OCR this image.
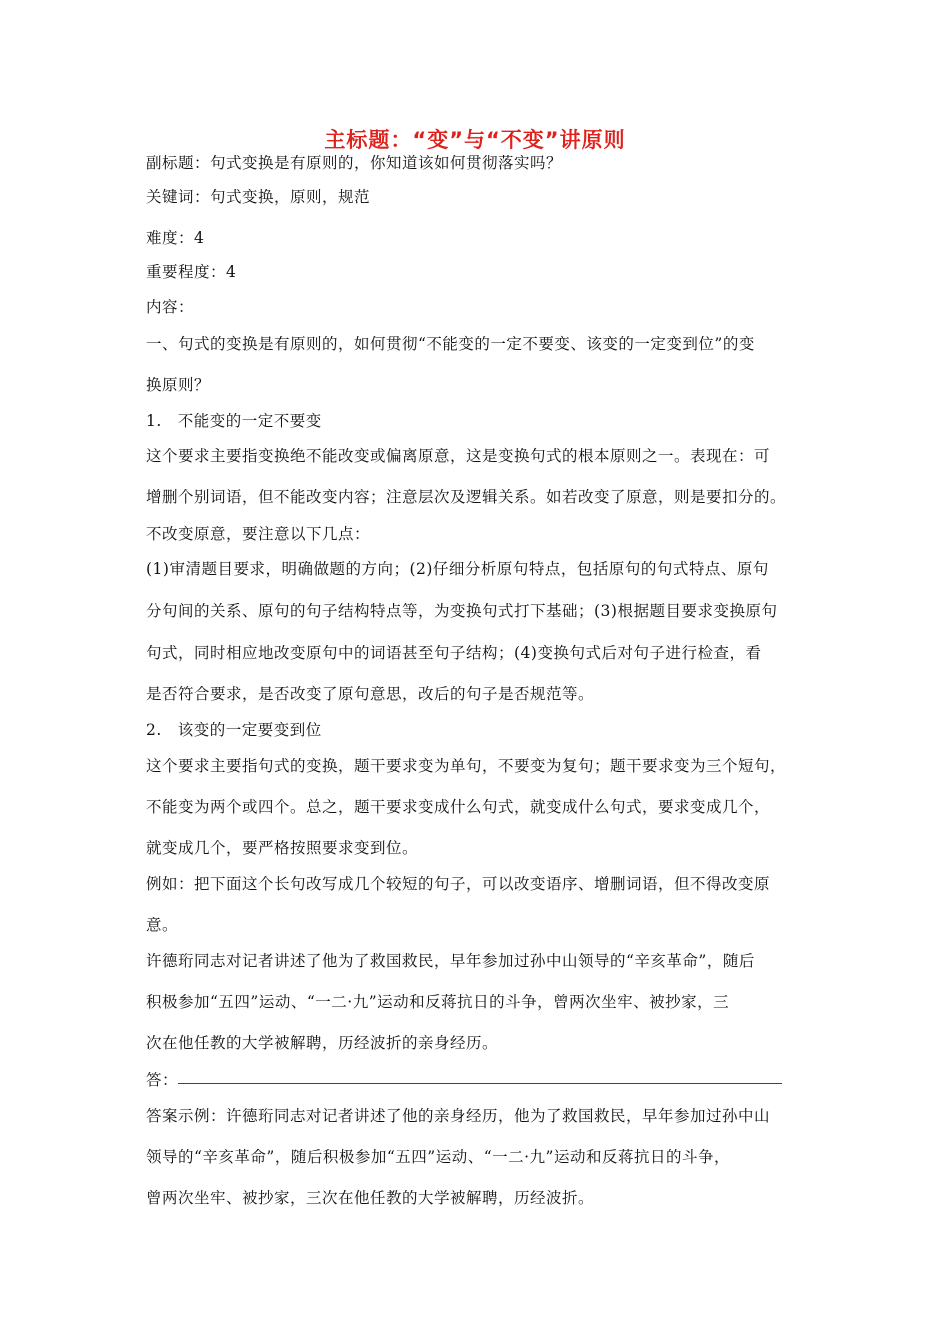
主标题：“变”与“不变”讲原则
副标题：句式变换是有原则的，你知道该如何贯彻落实吗？
关键词：句式变换，原则，规范
难度：4
重要程度：4
内容：
一、句式的变换是有原则的，如何贯彻“不能变的一定不要变、该变的一定变到位”的变
换原则？
1.　不能变的一定不要变
这个要求主要指变换绝不能改变或偏离原意，这是变换句式的根本原则之一。表现在：可
增删个别词语，但不能改变内容；注意层次及逻辑关系。如若改变了原意，则是要扣分的。
不改变原意，要注意以下几点：
(1)审清题目要求，明确做题的方向；(2)仔细分析原句特点，包括原句的句式特点、原句
分句间的关系、原句的句子结构特点等，为变换句式打下基础；(3)根据题目要求变换原句
句式，同时相应地改变原句中的词语甚至句子结构；(4)变换句式后对句子进行检查，看
是否符合要求，是否改变了原句意思，改后的句子是否规范等。
2.　该变的一定要变到位
这个要求主要指句式的变换，题干要求变为单句，不要变为复句；题干要求变为三个短句，
不能变为两个或四个。总之，题干要求变成什么句式，就变成什么句式，要求变成几个，
就变成几个，要严格按照要求变到位。
例如：把下面这个长句改写成几个较短的句子，可以改变语序、增删词语，但不得改变原
意。
许德珩同志对记者讲述了他为了救国救民，早年参加过孙中山领导的“辛亥革命”，随后
积极参加“五四”运动、“一二·九”运动和反蒋抗日的斗争，曾两次坐牢、被抄家，三
次在他任教的大学被解聘，历经波折的亲身经历。
答：
答案示例：许德珩同志对记者讲述了他的亲身经历，他为了救国救民，早年参加过孙中山
领导的“辛亥革命”，随后积极参加“五四”运动、“一二·九”运动和反蒋抗日的斗争，
曾两次坐牢、被抄家，三次在他任教的大学被解聘，历经波折。
